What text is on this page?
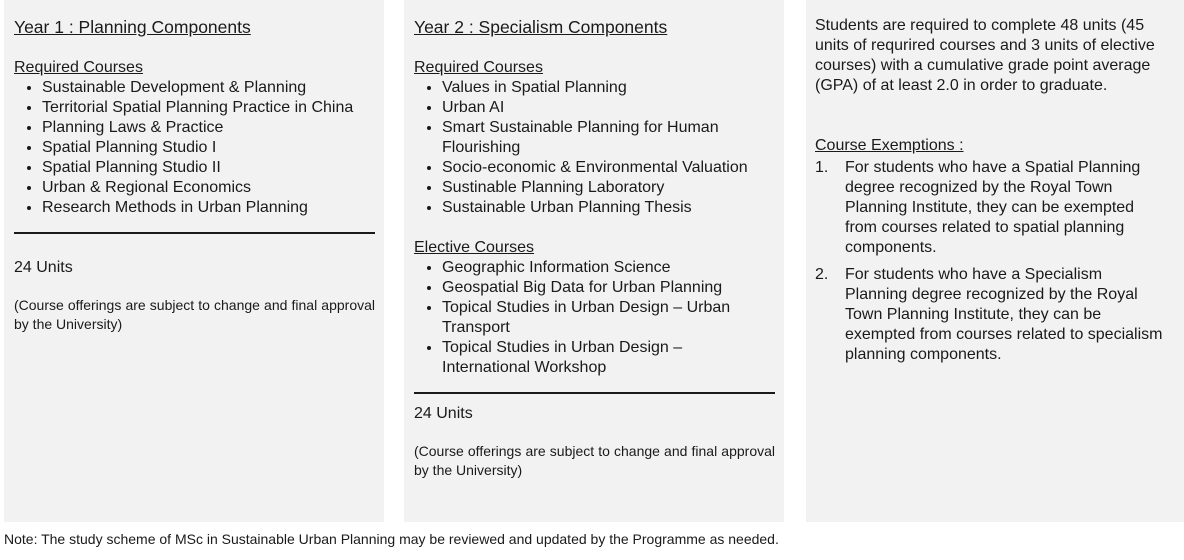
Year 1 : Planning Components
Required Courses
• Sustainable Development & Planning
• Territorial Spatial Planning Practice in China
• Planning Laws & Practice
• Spatial Planning Studio I
• Spatial Planning Studio II
• Urban & Regional Economics
• Research Methods in Urban Planning
24 Units
(Course offerings are subject to change and final approval by the University)
Year 2 : Specialism Components
Required Courses
• Values in Spatial Planning
• Urban AI
• Smart Sustainable Planning for Human Flourishing
• Socio-economic & Environmental Valuation
• Sustinable Planning Laboratory
• Sustainable Urban Planning Thesis
Elective Courses
• Geographic Information Science
• Geospatial Big Data for Urban Planning
• Topical Studies in Urban Design – Urban Transport
• Topical Studies in Urban Design – International Workshop
24 Units
(Course offerings are subject to change and final approval by the University)

Students are required to complete 48 units (45 units of requrired courses and 3 units of elective courses) with a cumulative grade point average (GPA) of at least 2.0 in order to graduate.

Course Exemptions :
1.	For students who have a Spatial Planning degree recognized by the Royal Town Planning Institute, they can be exempted from courses related to spatial planning components.
2.	For students who have a Specialism Planning degree recognized by the Royal Town Planning Institute, they can be exempted from courses related to specialism planning components.
Note: The study scheme of MSc in Sustainable Urban Planning may be reviewed and updated by the Programme as needed.
